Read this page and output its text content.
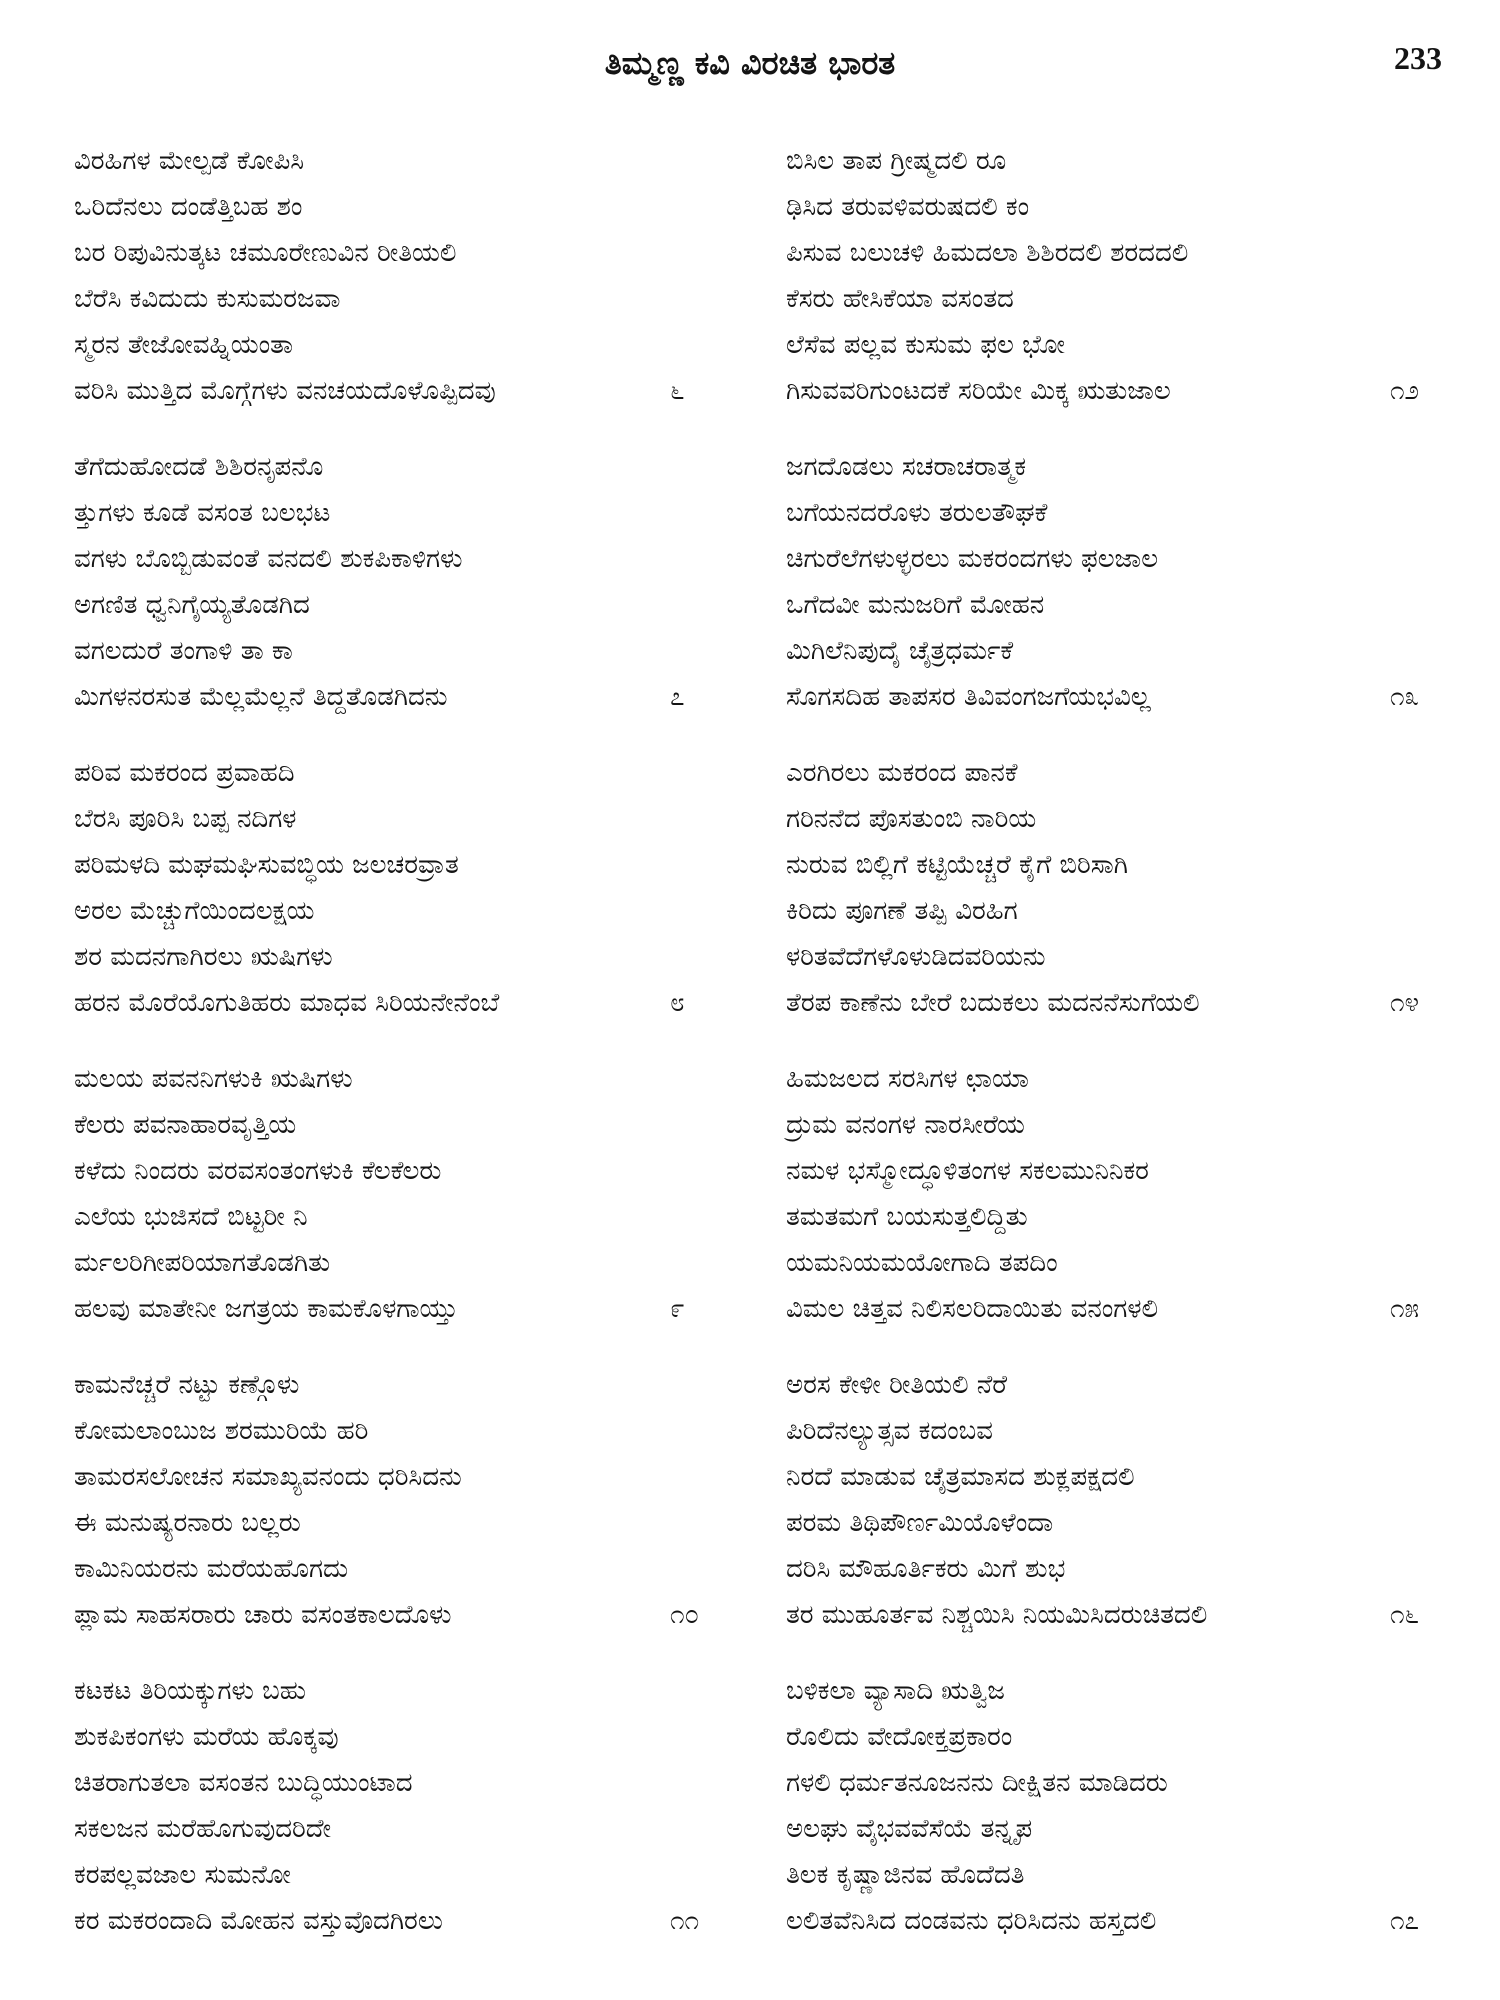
ತಿಮ್ಮಣ್ಣ ಕವಿ ವಿರಚಿತ ಭಾರತ	233
ವಿರಹಿಗಳ ಮೇಲ್ಪಡೆ ಕೋಪಿಸಿ
ಒರಿದೆನಲು ದಂಡೆತ್ತಿಬಹ ಶಂ
ಬರ ರಿಪುವಿನುತ್ಕಟ ಚಮೂರೇಣುವಿನ ರೀತಿಯಲಿ
ಬೆರೆಸಿ ಕವಿದುದು ಕುಸುಮರಜವಾ
ಸ್ಮರನ ತೇಜೋವಹ್ನಿಯಂತಾ
ವರಿಸಿ ಮುತ್ತಿದ ಮೊಗ್ಗೆಗಳು ವನಚಯದೊಳೊಪ್ಪಿದವು	೬
ತೆಗೆದುಹೋದಡೆ ಶಿಶಿರನೃಪನೊ
ತ್ತುಗಳು ಕೂಡೆ ವಸಂತ ಬಲಭಟ
ವಗಳು ಬೊಬ್ಬಿಡುವಂತೆ ವನದಲಿ ಶುಕಪಿಕಾಳಿಗಳು
ಅಗಣಿತ ಧ್ವನಿಗೈಯ್ಯತೊಡಗಿದ
ವಗಲದುರೆ ತಂಗಾಳಿ ತಾ ಕಾ
ಮಿಗಳನರಸುತ ಮೆಲ್ಲಮೆಲ್ಲನೆ ತಿದ್ದತೊಡಗಿದನು	೭
ಪರಿವ ಮಕರಂದ ಪ್ರವಾಹದಿ
ಬೆರಸಿ ಪೂರಿಸಿ ಬಪ್ಪ ನದಿಗಳ
ಪರಿಮಳದಿ ಮಘಮಘಿಸುವಬ್ಧಿಯ ಜಲಚರವ್ರಾತ
ಅರಲ ಮೆಚ್ಚುಗೆಯಿಂದಲಕ್ಷಯ
ಶರ ಮದನಗಾಗಿರಲು ಋಷಿಗಳು
ಹರನ ಮೊರೆಯೊಗುತಿಹರು ಮಾಧವ ಸಿರಿಯನೇನೆಂಬೆ	೮
ಮಲಯ ಪವನನಿಗಳುಕಿ ಋಷಿಗಳು
ಕೆಲರು ಪವನಾಹಾರವೃತ್ತಿಯ
ಕಳೆದು ನಿಂದರು ವರವಸಂತಂಗಳುಕಿ ಕೆಲಕೆಲರು
ಎಲೆಯ ಭುಜಿಸದೆ ಬಿಟ್ಟರೀ ನಿ
ರ್ಮಲರಿಗೀಪರಿಯಾಗತೊಡಗಿತು
ಹಲವು ಮಾತೇನೀ ಜಗತ್ರಯ ಕಾಮಕೊಳಗಾಯ್ತು	೯
ಕಾಮನೆಚ್ಚರೆ ನಟ್ಟು ಕಣ್ಗೊಳು
ಕೋಮಲಾಂಬುಜ ಶರಮುರಿಯೆ ಹರಿ
ತಾಮರಸಲೋಚನ ಸಮಾಖ್ಯವನಂದು ಧರಿಸಿದನು
ಈ ಮನುಷ್ಯರನಾರು ಬಲ್ಲರು
ಕಾಮಿನಿಯರನು ಮರೆಯಹೊಗದು
ಪ್ಲಾಮ ಸಾಹಸರಾರು ಚಾರು ವಸಂತಕಾಲದೊಳು	೧೦
ಕಟಕಟ ತಿರಿಯಕ್ಕುಗಳು ಬಹು
ಶುಕಪಿಕಂಗಳು ಮರೆಯ ಹೊಕ್ಕವು
ಚಿತರಾಗುತಲಾ ವಸಂತನ ಬುದ್ಧಿಯುಂಟಾದ
ಸಕಲಜನ ಮರೆಹೊಗುವುದರಿದೇ
ಕರಪಲ್ಲವಜಾಲ ಸುಮನೋ
ಕರ ಮಕರಂದಾದಿ ಮೋಹನ ವಸ್ತುವೊದಗಿರಲು	೧೧
ಬಿಸಿಲ ತಾಪ ಗ್ರೀಷ್ಮದಲಿ ರೂ
ಢಿಸಿದ ತರುವಳಿವರುಷದಲಿ ಕಂ
ಪಿಸುವ ಬಲುಚಳಿ ಹಿಮದಲಾ ಶಿಶಿರದಲಿ ಶರದದಲಿ
ಕೆಸರು ಹೇಸಿಕೆಯಾ ವಸಂತದ
ಲೆಸೆವ ಪಲ್ಲವ ಕುಸುಮ ಫಲ ಭೋ
ಗಿಸುವವರಿಗುಂಟದಕೆ ಸರಿಯೇ ಮಿಕ್ಕ ಋತುಜಾಲ	೧೨
ಜಗದೊಡಲು ಸಚರಾಚರಾತ್ಮಕ
ಬಗೆಯನದರೊಳು ತರುಲತೌಘಕೆ
ಚಿಗುರೆಲೆಗಳುಳ್ಳರಲು ಮಕರಂದಗಳು ಫಲಜಾಲ
ಒಗೆದವೀ ಮನುಜರಿಗೆ ಮೋಹನ
ಮಿಗಿಲೆನಿಪುದೈ ಚೈತ್ರಧರ್ಮಕೆ
ಸೊಗಸದಿಹ ತಾಪಸರ ತಿವಿವಂಗಜಗೆಯಭವಿಲ್ಲ	೧೩
ಎರಗಿರಲು ಮಕರಂದ ಪಾನಕೆ
ಗರಿನನೆದ ಪೊಸತುಂಬಿ ನಾರಿಯ
ನುರುವ ಬಿಲ್ಲಿಗೆ ಕಟ್ಟಿಯೆಚ್ಚರೆ ಕೈಗೆ ಬಿರಿಸಾಗಿ
ಕಿರಿದು ಪೂಗಣೆ ತಪ್ಪಿ ವಿರಹಿಗ
ಳರಿತವೆದೆಗಳೊಳುಡಿದವರಿಯನು
ತೆರಪ ಕಾಣೆನು ಬೇರೆ ಬದುಕಲು ಮದನನೆಸುಗೆಯಲಿ	೧೪
ಹಿಮಜಲದ ಸರಸಿಗಳ ಛಾಯಾ
ದ್ರುಮ ವನಂಗಳ ನಾರಸೀರೆಯ
ನಮಳ ಭಸ್ಮೋದ್ಧೂಳಿತಂಗಳ ಸಕಲಮುನಿನಿಕರ
ತಮತಮಗೆ ಬಯಸುತ್ತಲಿದ್ದಿತು
ಯಮನಿಯಮಯೋಗಾದಿ ತಪದಿಂ
ವಿಮಲ ಚಿತ್ತವ ನಿಲಿಸಲರಿದಾಯಿತು ವನಂಗಳಲಿ	೧೫
ಅರಸ ಕೇಳೀ ರೀತಿಯಲಿ ನೆರೆ
ಪಿರಿದೆನಲ್ಯುತ್ಸವ ಕದಂಬವ
ನಿರದೆ ಮಾಡುವ ಚೈತ್ರಮಾಸದ ಶುಕ್ಲಪಕ್ಷದಲಿ
ಪರಮ ತಿಥಿಪೌರ್ಣಮಿಯೊಳೆಂದಾ
ದರಿಸಿ ಮೌಹೂರ್ತಿಕರು ಮಿಗೆ ಶುಭ
ತರ ಮುಹೂರ್ತವ ನಿಶ್ಚಯಿಸಿ ನಿಯಮಿಸಿದರುಚಿತದಲಿ	೧೬
ಬಳಿಕಲಾ ವ್ಯಾಸಾದಿ ಋತ್ವಿಜ
ರೊಲಿದು ವೇದೋಕ್ತಪ್ರಕಾರಂ
ಗಳಲಿ ಧರ್ಮತನೂಜನನು ದೀಕ್ಷಿತನ ಮಾಡಿದರು
ಅಲಘು ವೈಭವವೆಸೆಯೆ ತನ್ನೃಪ
ತಿಲಕ ಕೃಷ್ಣಾಜಿನವ ಹೊದೆದತಿ
ಲಲಿತವೆನಿಸಿದ ದಂಡವನು ಧರಿಸಿದನು ಹಸ್ತದಲಿ	೧೭
